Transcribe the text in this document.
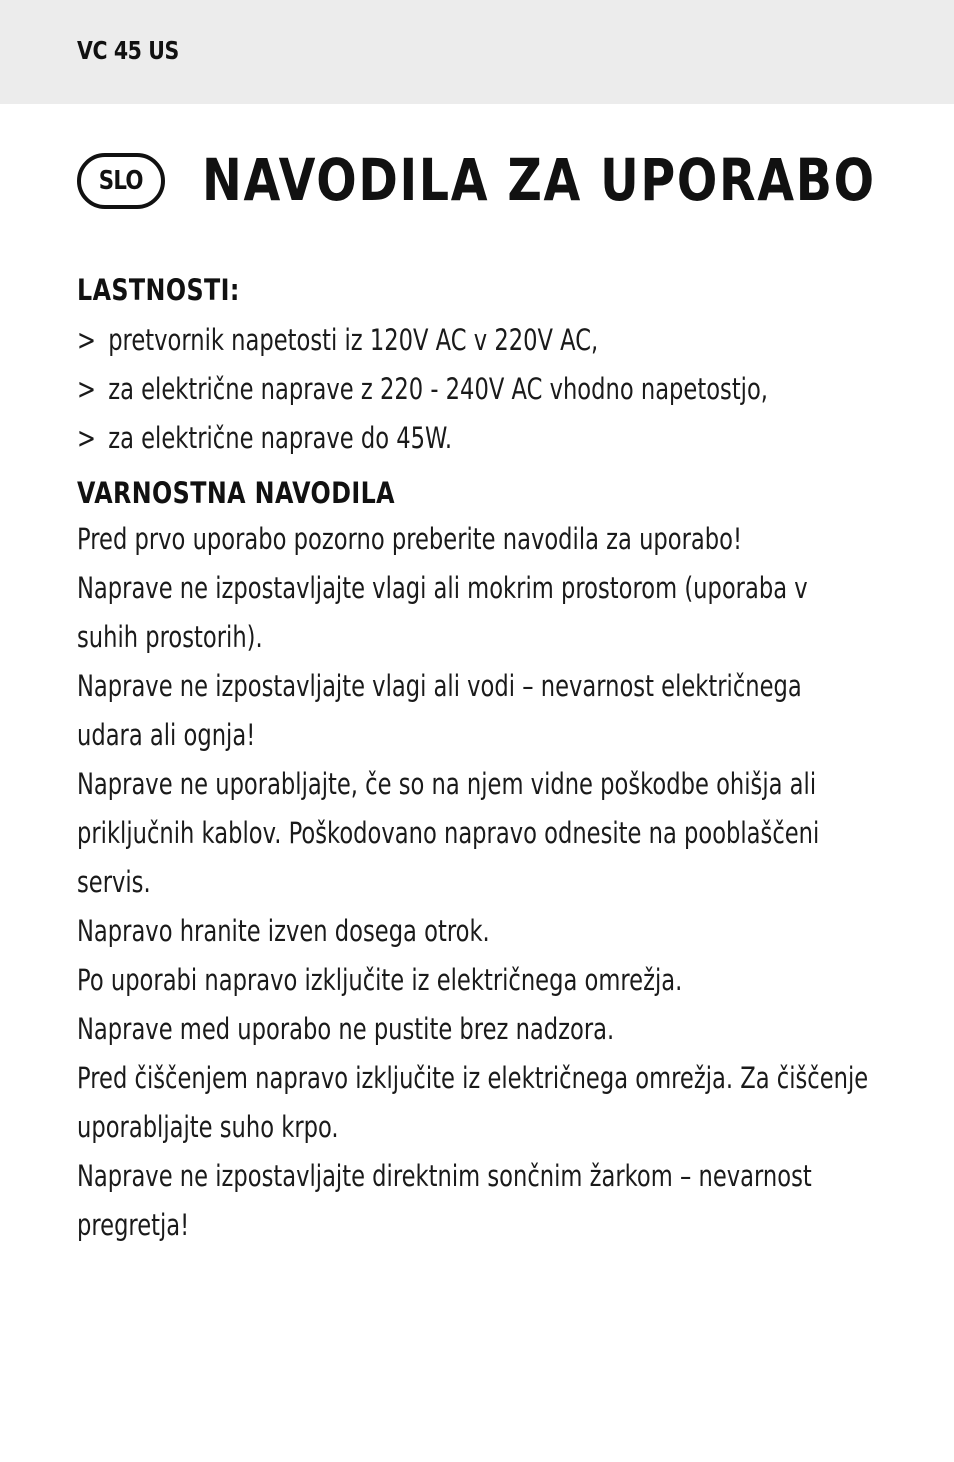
VC 45 US
SLO NAVODILA ZA UPORABO
LASTNOSTI:
> pretvornik napetosti iz 120V AC v 220V AC,
> za električne naprave z 220 - 240V AC vhodno napetostjo,
> za električne naprave do 45W.
VARNOSTNA NAVODILA
Pred prvo uporabo pozorno preberite navodila za uporabo!
Naprave ne izpostavljajte vlagi ali mokrim prostorom (uporaba v
suhih prostorih).
Naprave ne izpostavljajte vlagi ali vodi – nevarnost električnega
udara ali ognja!
Naprave ne uporabljajte, če so na njem vidne poškodbe ohišja ali
priključnih kablov. Poškodovano napravo odnesite na pooblaščeni
servis.
Napravo hranite izven dosega otrok.
Po uporabi napravo izključite iz električnega omrežja.
Naprave med uporabo ne pustite brez nadzora.
Pred čiščenjem napravo izključite iz električnega omrežja. Za čiščenje
uporabljajte suho krpo.
Naprave ne izpostavljajte direktnim sončnim žarkom – nevarnost
pregretja!
